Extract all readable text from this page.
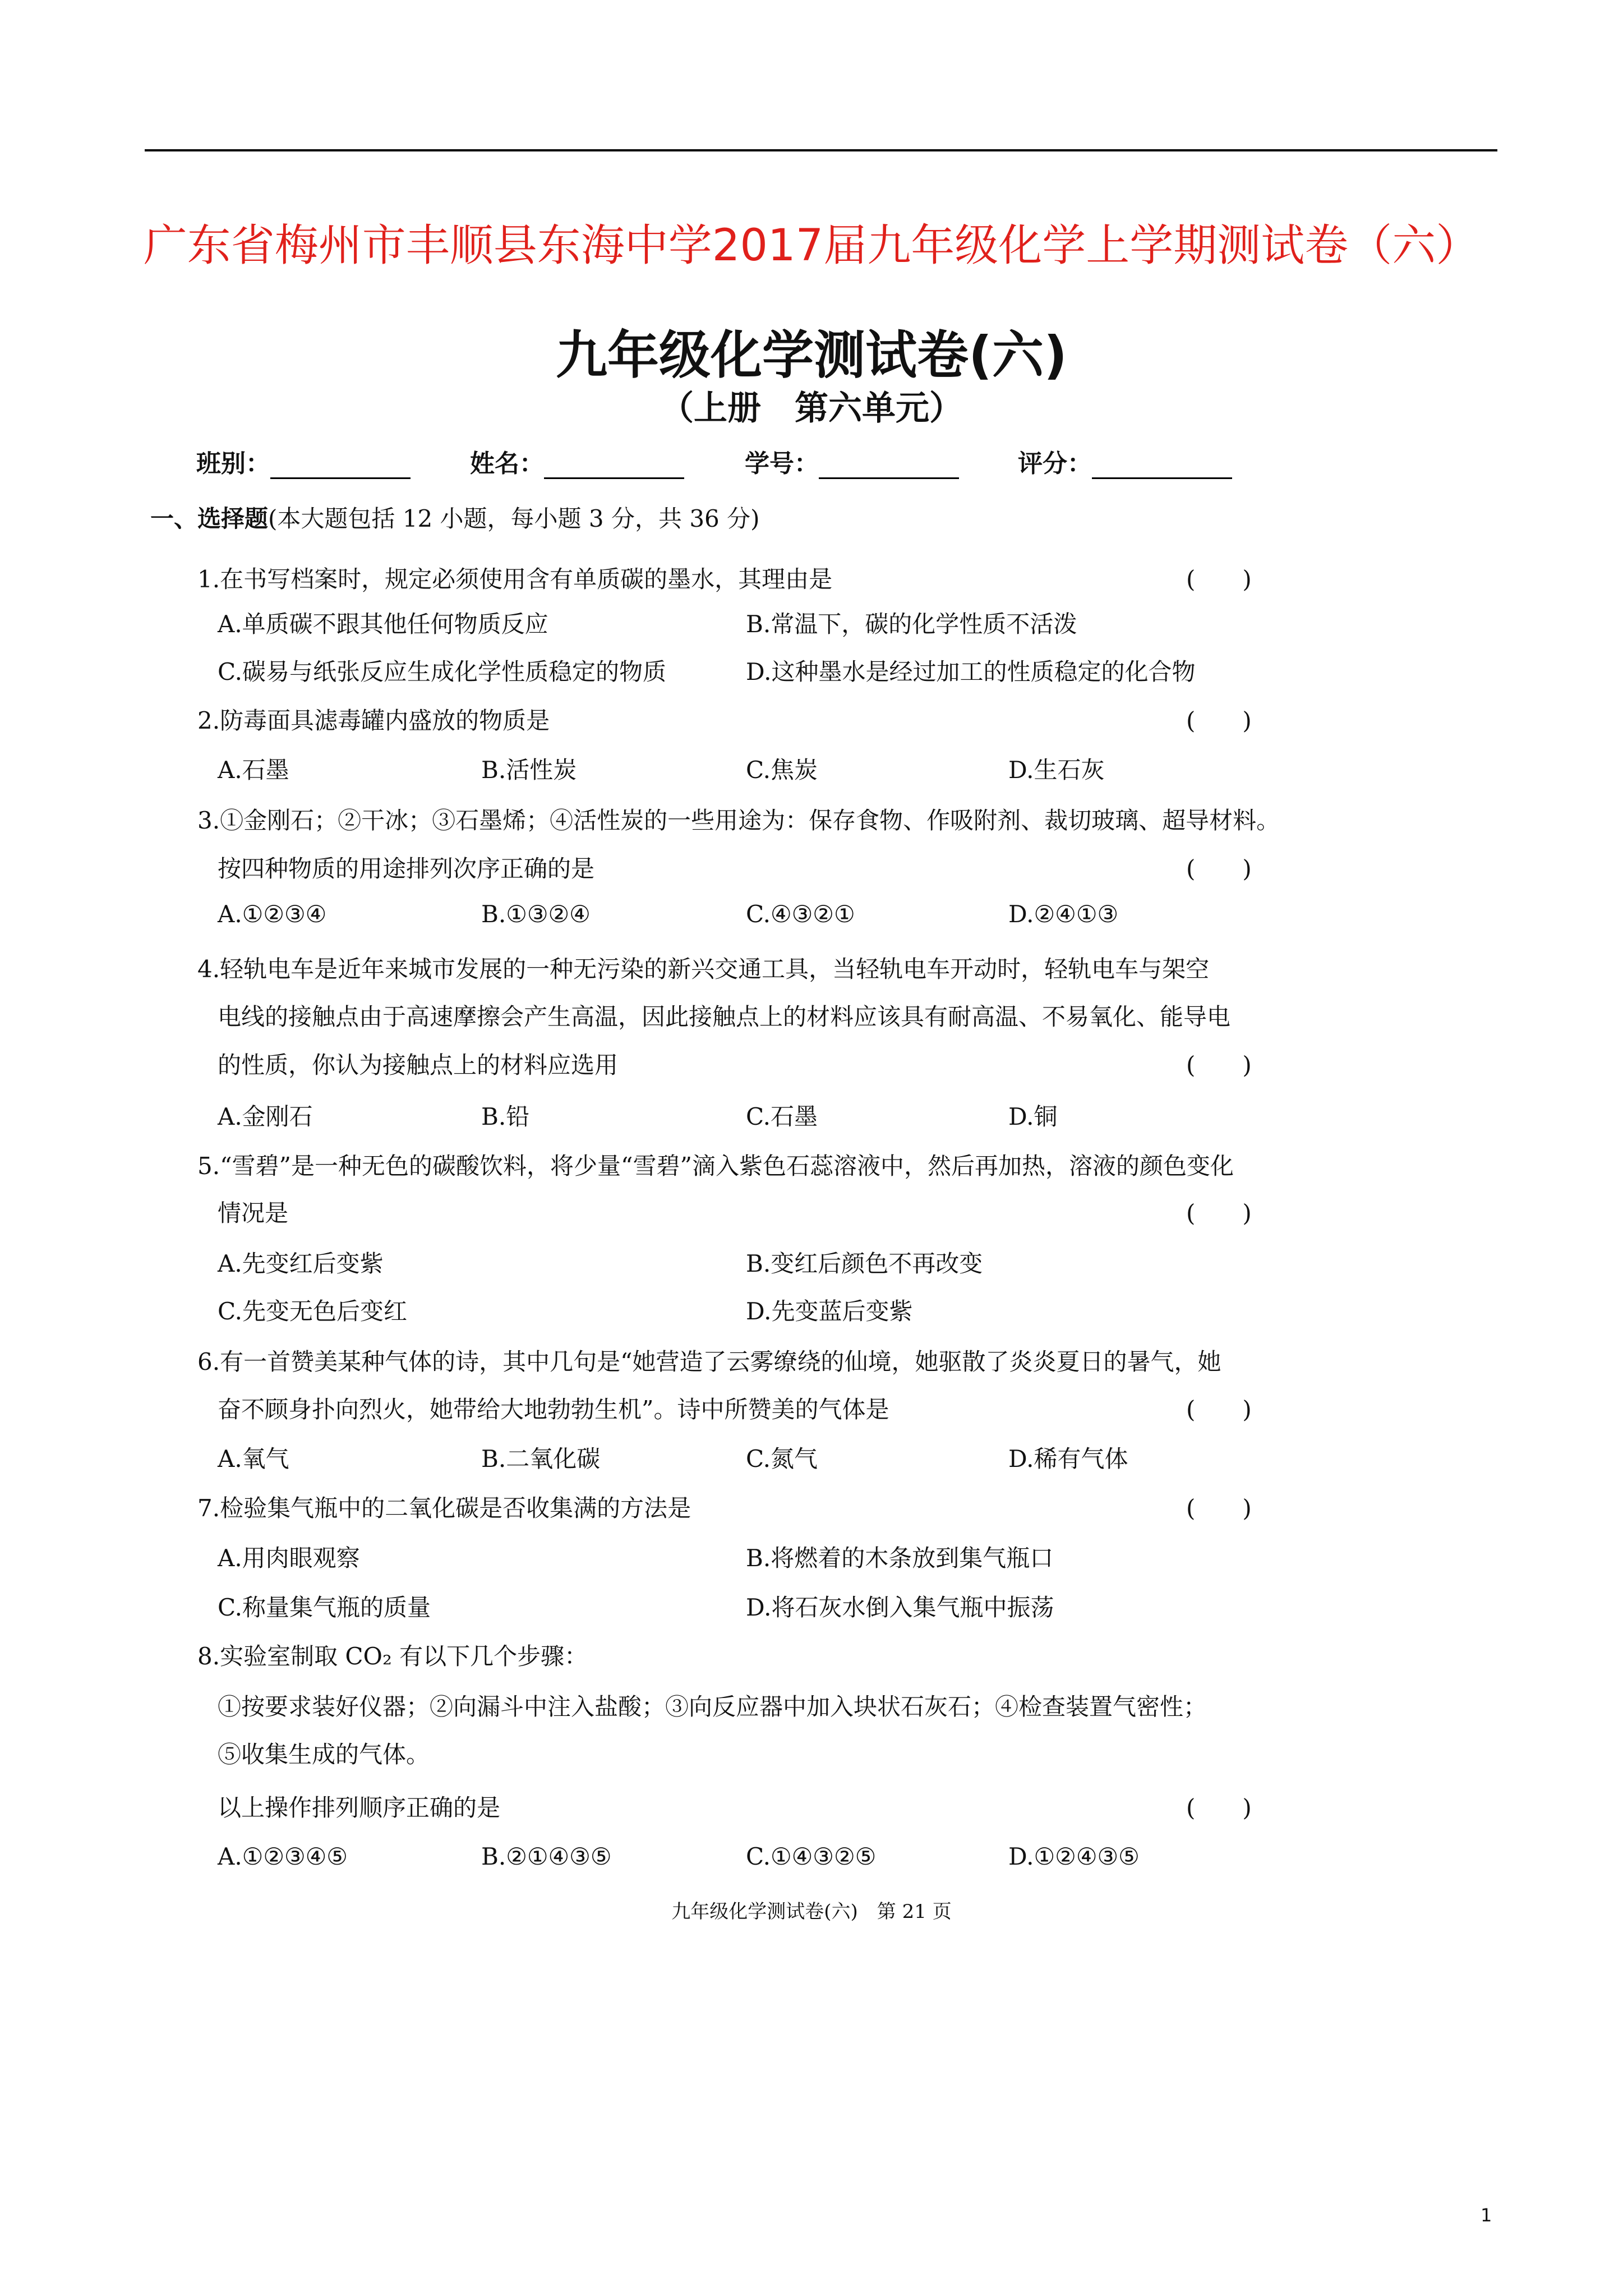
广东省梅州市丰顺县东海中学2017届九年级化学上学期测试卷（六）
九年级化学测试卷(六)
（上册　第六单元）
班别：	姓名：	学号：	评分：
一、选择题(本大题包括 12 小题，每小题 3 分，共 36 分)
1.在书写档案时，规定必须使用含有单质碳的墨水，其理由是
A.单质碳不跟其他任何物质反应	B.常温下，碳的化学性质不活泼
C.碳易与纸张反应生成化学性质稳定的物质	D.这种墨水是经过加工的性质稳定的化合物
(　　)
2.防毒面具滤毒罐内盛放的物质是
A.石墨	B.活性炭	C.焦炭	D.生石灰
(　　)
3.①金刚石；②干冰；③石墨烯；④活性炭的一些用途为：保存食物、作吸附剂、裁切玻璃、超导材料。
按四种物质的用途排列次序正确的是
A.①②③④	B.①③②④	C.④③②①	D.②④①③
(　　)
4.轻轨电车是近年来城市发展的一种无污染的新兴交通工具，当轻轨电车开动时，轻轨电车与架空
电线的接触点由于高速摩擦会产生高温，因此接触点上的材料应该具有耐高温、不易氧化、能导电
的性质，你认为接触点上的材料应选用
A.金刚石	B.铅	C.石墨	D.铜
(　　)
5.“雪碧”是一种无色的碳酸饮料，将少量“雪碧”滴入紫色石蕊溶液中，然后再加热，溶液的颜色变化
情况是
A.先变红后变紫	B.变红后颜色不再改变
C.先变无色后变红	D.先变蓝后变紫
(　　)
6.有一首赞美某种气体的诗，其中几句是“她营造了云雾缭绕的仙境，她驱散了炎炎夏日的暑气，她
奋不顾身扑向烈火，她带给大地勃勃生机”。诗中所赞美的气体是
A.氧气	B.二氧化碳	C.氮气	D.稀有气体
(　　)
7.检验集气瓶中的二氧化碳是否收集满的方法是
A.用肉眼观察	B.将燃着的木条放到集气瓶口
C.称量集气瓶的质量	D.将石灰水倒入集气瓶中振荡
(　　)
8.实验室制取 CO₂ 有以下几个步骤：
①按要求装好仪器；②向漏斗中注入盐酸；③向反应器中加入块状石灰石；④检查装置气密性；
⑤收集生成的气体。
以上操作排列顺序正确的是
A.①②③④⑤	B.②①④③⑤	C.①④③②⑤	D.①②④③⑤
(　　)
九年级化学测试卷(六)　第 21 页
1
